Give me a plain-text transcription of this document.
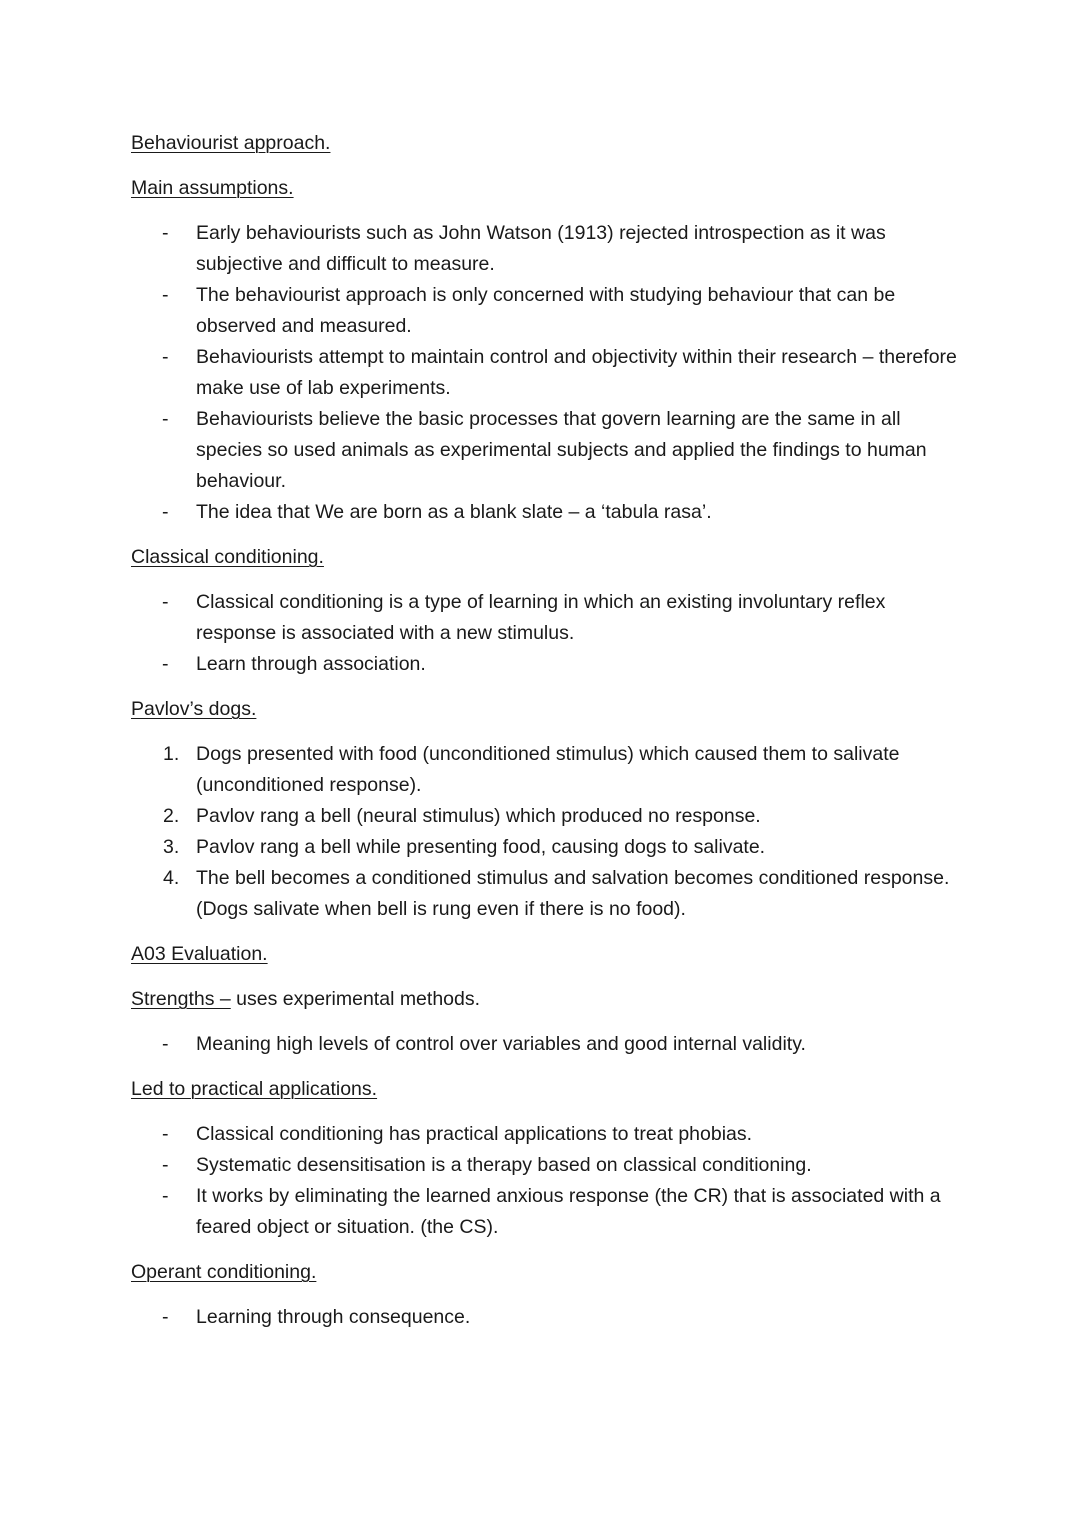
Behaviourist approach.

Main assumptions.

-	Early behaviourists such as John Watson (1913) rejected introspection as it was subjective and difficult to measure.
-	The behaviourist approach is only concerned with studying behaviour that can be observed and measured.
-	Behaviourists attempt to maintain control and objectivity within their research – therefore make use of lab experiments.
-	Behaviourists believe the basic processes that govern learning are the same in all species so used animals as experimental subjects and applied the findings to human behaviour.
-	The idea that We are born as a blank slate – a ‘tabula rasa’.

Classical conditioning.

-	Classical conditioning is a type of learning in which an existing involuntary reflex response is associated with a new stimulus.
-	Learn through association.

Pavlov’s dogs.

1. Dogs presented with food (unconditioned stimulus) which caused them to salivate (unconditioned response).
2. Pavlov rang a bell (neural stimulus) which produced no response.
3. Pavlov rang a bell while presenting food, causing dogs to salivate.
4. The bell becomes a conditioned stimulus and salvation becomes conditioned response. (Dogs salivate when bell is rung even if there is no food).

A03 Evaluation.

Strengths – uses experimental methods.

-	Meaning high levels of control over variables and good internal validity.

Led to practical applications.

-	Classical conditioning has practical applications to treat phobias.
-	Systematic desensitisation is a therapy based on classical conditioning.
-	It works by eliminating the learned anxious response (the CR) that is associated with a feared object or situation. (the CS).

Operant conditioning.

-	Learning through consequence.
